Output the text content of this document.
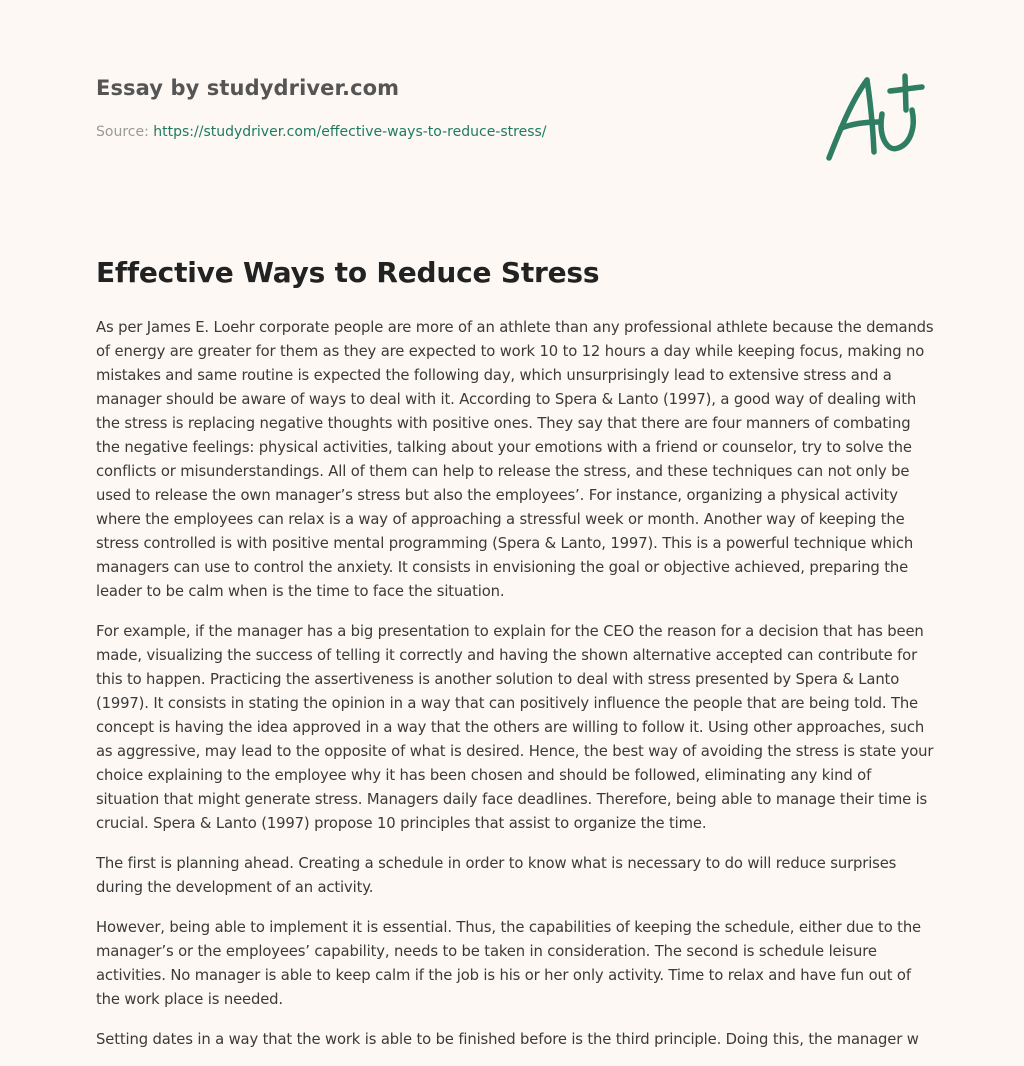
Essay by studydriver.com
Source: https://studydriver.com/effective-ways-to-reduce-stress/
Effective Ways to Reduce Stress

As per James E. Loehr corporate people are more of an athlete than any professional athlete because the demands of energy are greater for them as they are expected to work 10 to 12 hours a day while keeping focus, making no mistakes and same routine is expected the following day, which unsurprisingly lead to extensive stress and a manager should be aware of ways to deal with it. According to Spera & Lanto (1997), a good way of dealing with the stress is replacing negative thoughts with positive ones. They say that there are four manners of combating the negative feelings: physical activities, talking about your emotions with a friend or counselor, try to solve the conflicts or misunderstandings. All of them can help to release the stress, and these techniques can not only be used to release the own manager’s stress but also the employees’. For instance, organizing a physical activity where the employees can relax is a way of approaching a stressful week or month. Another way of keeping the stress controlled is with positive mental programming (Spera & Lanto, 1997). This is a powerful technique which managers can use to control the anxiety. It consists in envisioning the goal or objective achieved, preparing the leader to be calm when is the time to face the situation.

For example, if the manager has a big presentation to explain for the CEO the reason for a decision that has been made, visualizing the success of telling it correctly and having the shown alternative accepted can contribute for this to happen. Practicing the assertiveness is another solution to deal with stress presented by Spera & Lanto (1997). It consists in stating the opinion in a way that can positively influence the people that are being told. The concept is having the idea approved in a way that the others are willing to follow it. Using other approaches, such as aggressive, may lead to the opposite of what is desired. Hence, the best way of avoiding the stress is state your choice explaining to the employee why it has been chosen and should be followed, eliminating any kind of situation that might generate stress. Managers daily face deadlines. Therefore, being able to manage their time is crucial. Spera & Lanto (1997) propose 10 principles that assist to organize the time.

The first is planning ahead. Creating a schedule in order to know what is necessary to do will reduce surprises during the development of an activity.

However, being able to implement it is essential. Thus, the capabilities of keeping the schedule, either due to the manager’s or the employees’ capability, needs to be taken in consideration. The second is schedule leisure activities. No manager is able to keep calm if the job is his or her only activity. Time to relax and have fun out of the work place is needed.

Setting dates in a way that the work is able to be finished before is the third principle. Doing this, the manager w
